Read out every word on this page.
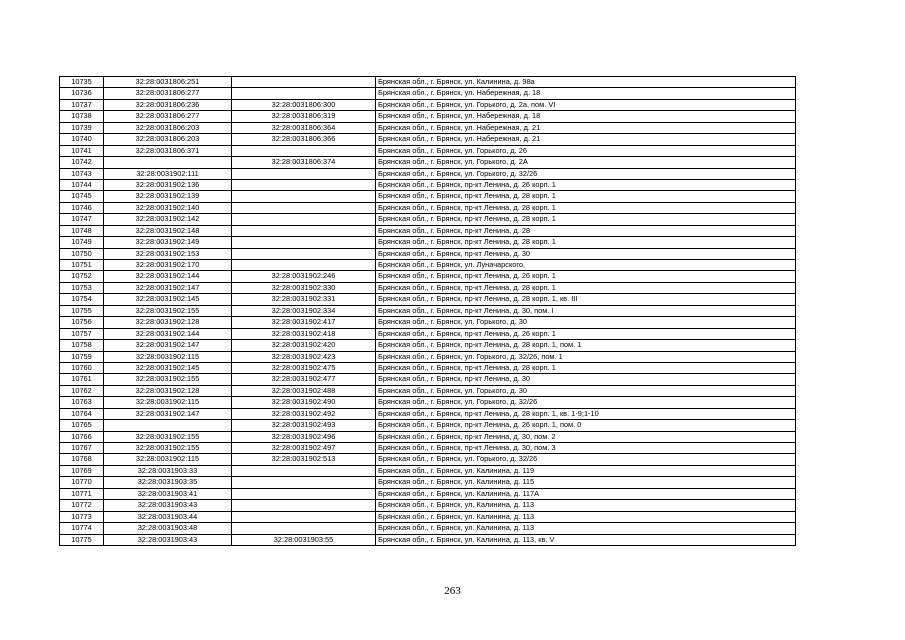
10735	32:28:0031806:251		Брянская обл., г. Брянск, ул. Калинина, д. 98а
10736	32:28:0031806:277		Брянская обл., г. Брянск, ул. Набережная, д. 18
10737	32:28:0031806:236	32:28:0031806:300	Брянская обл., г. Брянск, ул. Горького, д. 2а, пом. VI
10738	32:28:0031806:277	32:28:0031806:319	Брянская обл., г. Брянск, ул. Набережная, д. 18
10739	32:28:0031806:203	32:28:0031806:364	Брянская обл., г. Брянск, ул. Набережная, д. 21
10740	32:28:0031806:203	32:28:0031806:366	Брянская обл., г. Брянск, ул. Набережная, д. 21
10741	32:28:0031806:371		Брянская обл., г. Брянск, ул. Горького, д. 26
10742		32:28:0031806:374	Брянская обл., г. Брянск, ул. Горького, д. 2А
10743	32:28:0031902:111		Брянская обл., г. Брянск, ул. Горького, д. 32/26
10744	32:28:0031902:136		Брянская обл., г. Брянск, пр-кт Ленина, д. 26 корп. 1
10745	32:28:0031902:139		Брянская обл., г. Брянск, пр-кт Ленина, д. 28 корп. 1
10746	32:28:0031902:140		Брянская обл., г. Брянск, пр-кт Ленина, д. 28 корп. 1
10747	32:28:0031902:142		Брянская обл., г. Брянск, пр-кт Ленина, д. 28 корп. 1
10748	32:28:0031902:148		Брянская обл., г. Брянск, пр-кт Ленина, д. 28
10749	32:28:0031902:149		Брянская обл., г. Брянск, пр-кт Ленина, д. 28 корп. 1
10750	32:28:0031902:153		Брянская обл., г. Брянск, пр-кт Ленина, д. 30
10751	32:28:0031902:170		Брянская обл., г. Брянск, ул. Луначарского,
10752	32:28:0031902:144	32:28:0031902:246	Брянская обл., г. Брянск, пр-кт Ленина, д. 26 корп. 1
10753	32:28:0031902:147	32:28:0031902:330	Брянская обл., г. Брянск, пр-кт Ленина, д. 28 корп. 1
10754	32:28:0031902:145	32:28:0031902:331	Брянская обл., г. Брянск, пр-кт Ленина, д. 28 корп. 1, кв. III
10755	32:28:0031902:155	32:28:0031902:334	Брянская обл., г. Брянск, пр-кт Ленина, д. 30, пом. I
10756	32:28:0031902:128	32:28:0031902:417	Брянская обл., г. Брянск, ул. Горького, д. 30
10757	32:28:0031902:144	32:28:0031902:418	Брянская обл., г. Брянск, пр-кт Ленина, д. 26 корп. 1
10758	32:28:0031902:147	32:28:0031902:420	Брянская обл., г. Брянск, пр-кт Ленина, д. 28 корп. 1, пом. 1
10759	32:28:0031902:115	32:28:0031902:423	Брянская обл., г. Брянск, ул. Горького, д. 32/26, пом. 1
10760	32:28:0031902:145	32:28:0031902:475	Брянская обл., г. Брянск, пр-кт Ленина, д. 28 корп. 1
10761	32:28:0031902:155	32:28:0031902:477	Брянская обл., г. Брянск, пр-кт Ленина, д. 30
10762	32:28:0031902:128	32:28:0031902:488	Брянская обл., г. Брянск, ул. Горького, д. 30
10763	32:28:0031902:115	32:28:0031902:490	Брянская обл., г. Брянск, ул. Горького, д. 32/26
10764	32:28:0031902:147	32:28:0031902:492	Брянская обл., г. Брянск, пр-кт Ленина, д. 28 корп. 1, кв. 1-9;1-10
10765		32:28:0031902:493	Брянская обл., г. Брянск, пр-кт Ленина, д. 26 корп. 1, пом. 0
10766	32:28:0031902:155	32:28:0031902:496	Брянская обл., г. Брянск, пр-кт Ленина, д. 30, пом. 2
10767	32:28:0031902:155	32:28:0031902:497	Брянская обл., г. Брянск, пр-кт Ленина, д. 30, пом. 3
10768	32:28:0031902:115	32:28:0031902:513	Брянская обл., г. Брянск, ул. Горького, д. 32/26
10769	32:28:0031903:33		Брянская обл., г. Брянск, ул. Калинина, д. 119
10770	32:28:0031903:35		Брянская обл., г. Брянск, ул. Калинина, д. 115
10771	32:28:0031903:41		Брянская обл., г. Брянск, ул. Калинина, д. 117А
10772	32:28:0031903:43		Брянская обл., г. Брянск, ул. Калинина, д. 113
10773	32:28:0031903:44		Брянская обл., г. Брянск, ул. Калинина, д. 113
10774	32:28:0031903:48		Брянская обл., г. Брянск, ул. Калинина, д. 113
10775	32:28:0031903:43	32:28:0031903:55	Брянская обл., г. Брянск, ул. Калинина, д. 113, кв. V
263
